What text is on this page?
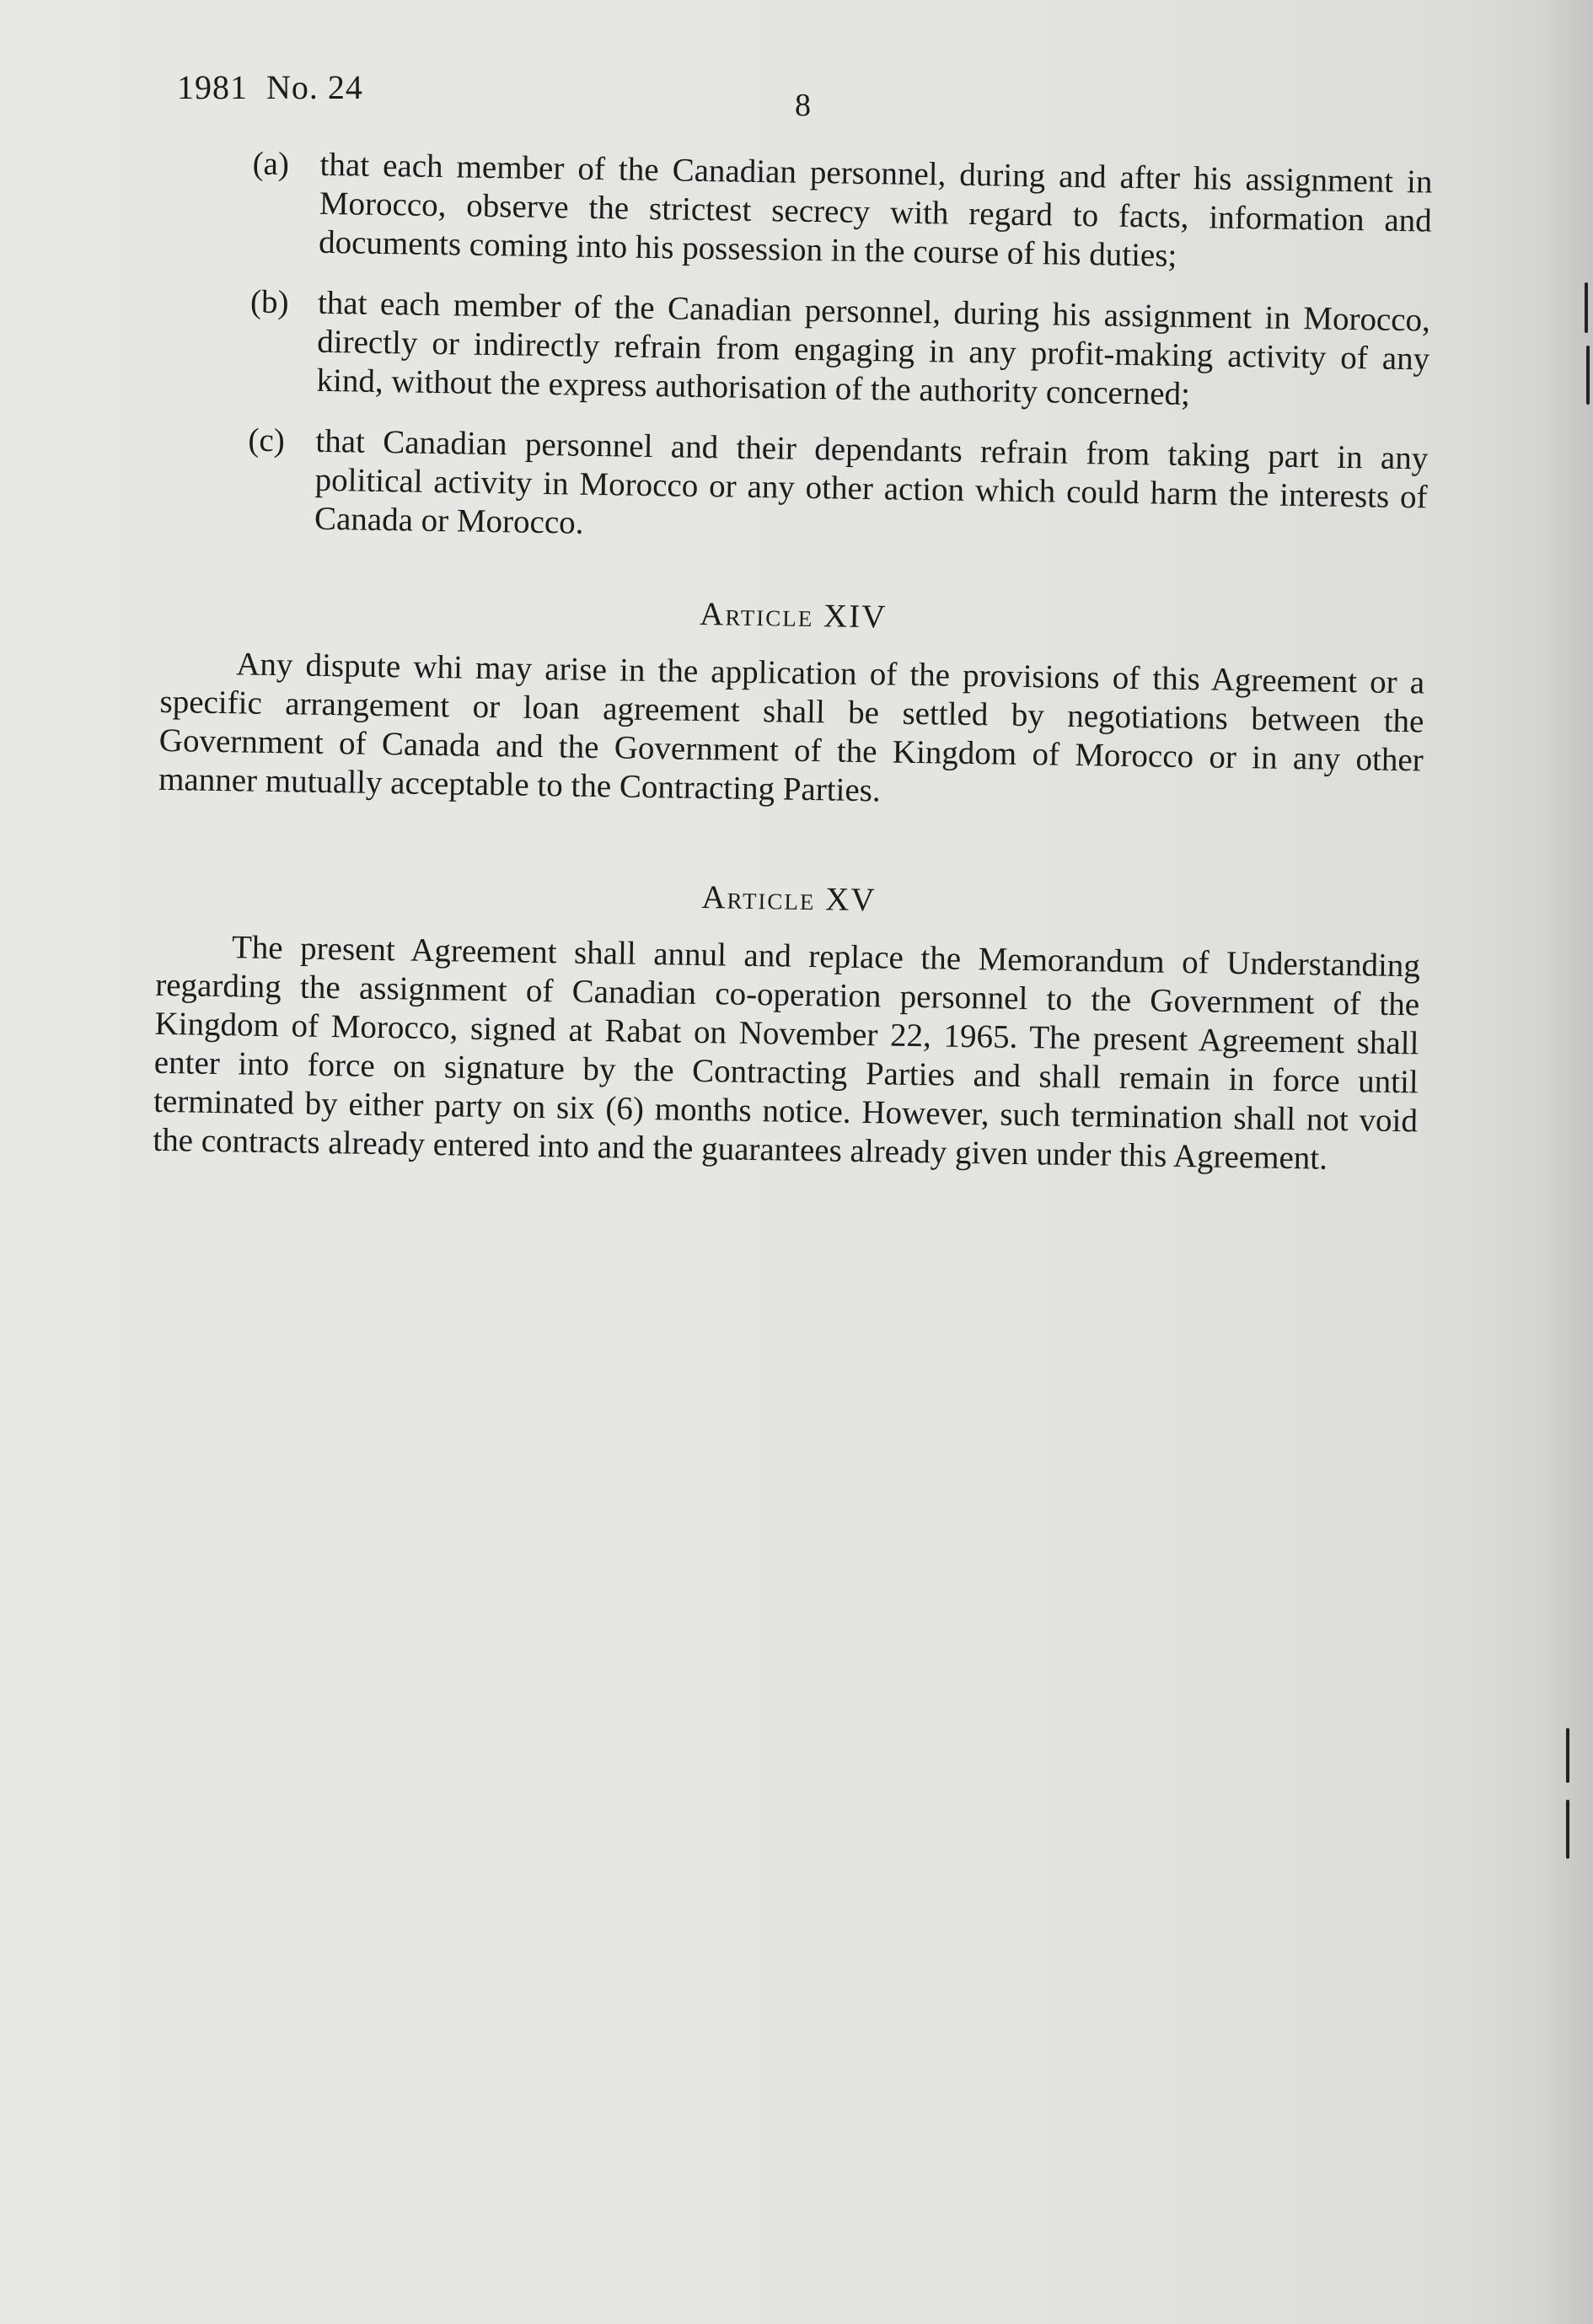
1981 No. 24	8
(a) that each member of the Canadian personnel, during and after his assignment in Morocco, observe the strictest secrecy with regard to facts, information and documents coming into his possession in the course of his duties;
(b) that each member of the Canadian personnel, during his assignment in Morocco, directly or indirectly refrain from engaging in any profit-making activity of any kind, without the express authorisation of the authority concerned;
(c) that Canadian personnel and their dependants refrain from taking part in any political activity in Morocco or any other action which could harm the interests of Canada or Morocco.
Article XIV

Any dispute whi may arise in the application of the provisions of this Agreement or a specific arrangement or loan agreement shall be settled by negotiations between the Government of Canada and the Government of the Kingdom of Morocco or in any other manner mutually acceptable to the Contracting Parties.

Article XV

The present Agreement shall annul and replace the Memorandum of Understanding regarding the assignment of Canadian co-operation personnel to the Government of the Kingdom of Morocco, signed at Rabat on November 22, 1965. The present Agreement shall enter into force on signature by the Contracting Parties and shall remain in force until terminated by either party on six (6) months notice. However, such termination shall not void the contracts already entered into and the guarantees already given under this Agreement.
